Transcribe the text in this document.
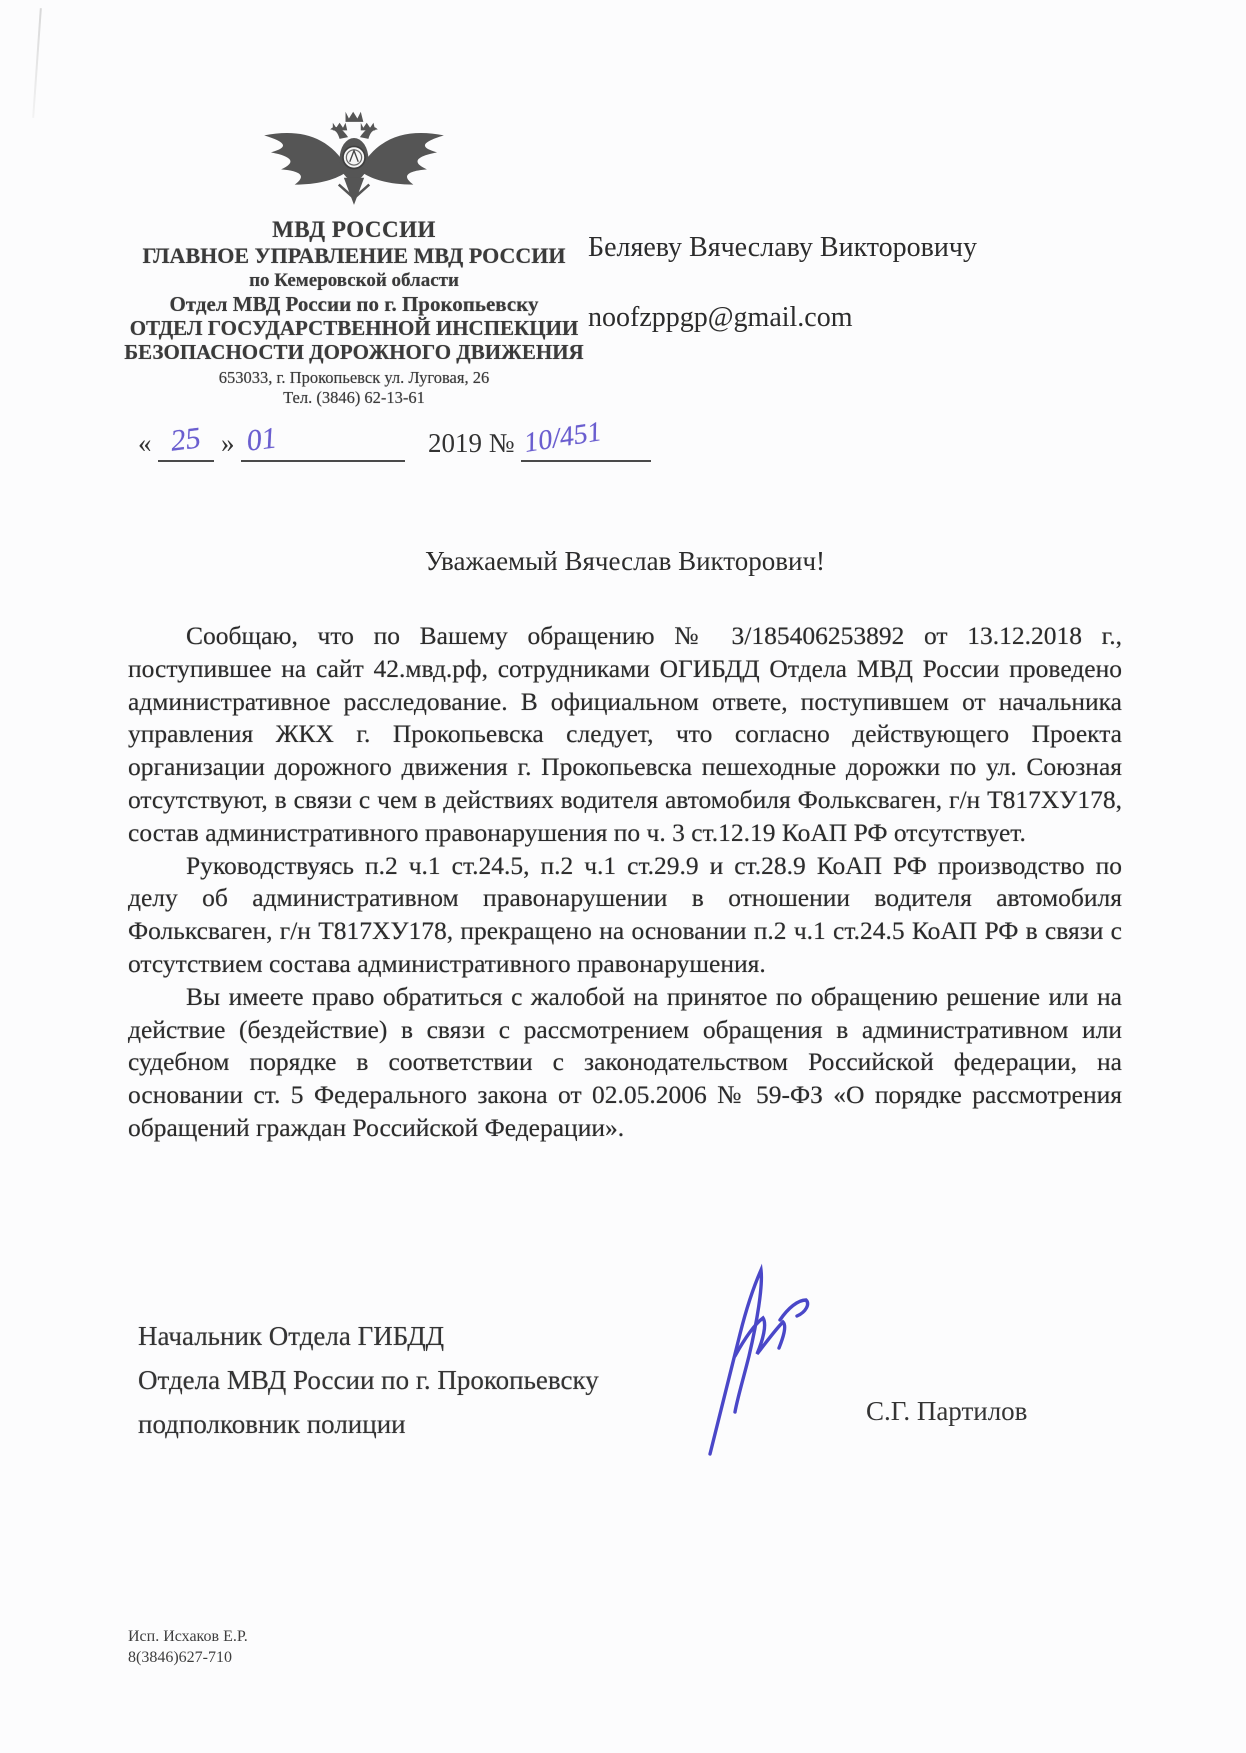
МВД РОССИИ
ГЛАВНОЕ УПРАВЛЕНИЕ МВД РОССИИ
по Кемеровской области
Отдел МВД России по г. Прокопьевску
ОТДЕЛ ГОСУДАРСТВЕННОЙ ИНСПЕКЦИИ
БЕЗОПАСНОСТИ ДОРОЖНОГО ДВИЖЕНИЯ
653033, г. Прокопьевск ул. Луговая, 26
Тел. (3846) 62-13-61
Беляеву Вячеславу Викторовичу
noofzppgp@gmail.com
« 25 » 01	2019 № 10/451
Уважаемый Вячеслав Викторович!

Сообщаю, что по Вашему обращению № 3/185406253892 от 13.12.2018 г., поступившее на сайт 42.мвд.рф, сотрудниками ОГИБДД Отдела МВД России проведено административное расследование. В официальном ответе, поступившем от начальника управления ЖКХ г. Прокопьевска следует, что согласно действующего Проекта организации дорожного движения г. Прокопьевска пешеходные дорожки по ул. Союзная отсутствуют, в связи с чем в действиях водителя автомобиля Фольксваген, г/н Т817ХУ178, состав административного правонарушения по ч. 3 ст.12.19 КоАП РФ отсутствует.

Руководствуясь п.2 ч.1 ст.24.5, п.2 ч.1 ст.29.9 и ст.28.9 КоАП РФ производство по делу об административном правонарушении в отношении водителя автомобиля Фольксваген, г/н Т817ХУ178, прекращено на основании п.2 ч.1 ст.24.5 КоАП РФ в связи с отсутствием состава административного правонарушения.

Вы имеете право обратиться с жалобой на принятое по обращению решение или на действие (бездействие) в связи с рассмотрением обращения в административном или судебном порядке в соответствии с законодательством Российской федерации, на основании ст. 5 Федерального закона от 02.05.2006 № 59-ФЗ «О порядке рассмотрения обращений граждан Российской Федерации».

Начальник Отдела ГИБДД
Отдела МВД России по г. Прокопьевску
подполковник полиции	С.Г. Партилов
Исп. Исхаков Е.Р.
8(3846)627-710
